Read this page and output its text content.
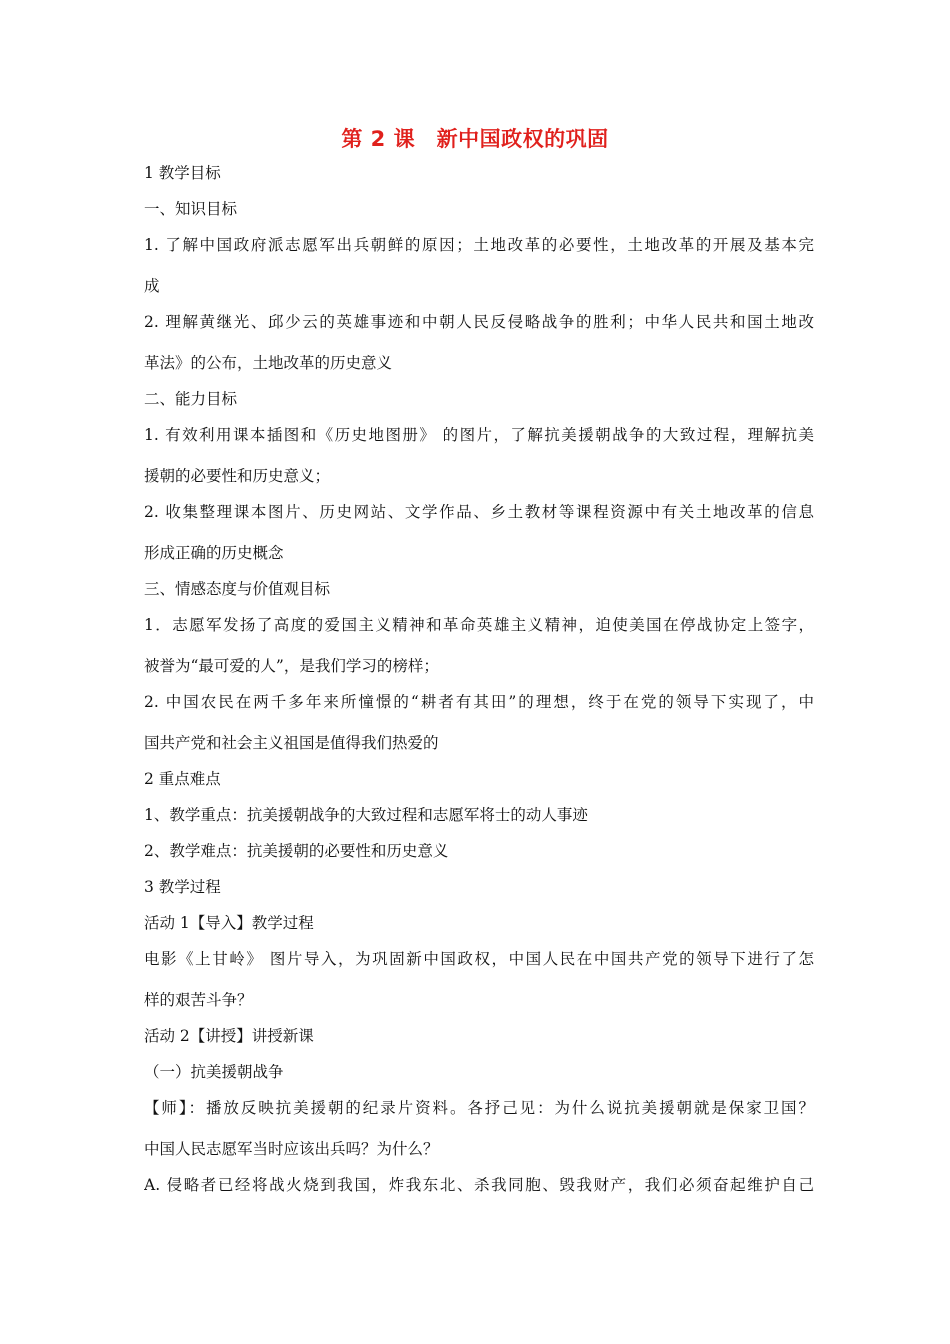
第 2 课　新中国政权的巩固
1 教学目标
一、知识目标
1. 了解中国政府派志愿军出兵朝鲜的原因；土地改革的必要性，土地改革的开展及基本完
成
2. 理解黄继光、邱少云的英雄事迹和中朝人民反侵略战争的胜利；中华人民共和国土地改
革法》的公布，土地改革的历史意义
二、能力目标
1. 有效利用课本插图和《历史地图册》 的图片，了解抗美援朝战争的大致过程，理解抗美
援朝的必要性和历史意义；
2. 收集整理课本图片、历史网站、文学作品、乡土教材等课程资源中有关土地改革的信息
形成正确的历史概念
三、情感态度与价值观目标
1．志愿军发扬了高度的爱国主义精神和革命英雄主义精神，迫使美国在停战协定上签字，
被誉为“最可爱的人”，是我们学习的榜样；
2. 中国农民在两千多年来所憧憬的“耕者有其田”的理想，终于在党的领导下实现了，中
国共产党和社会主义祖国是值得我们热爱的
2 重点难点
1、教学重点：抗美援朝战争的大致过程和志愿军将士的动人事迹
2、教学难点：抗美援朝的必要性和历史意义
3 教学过程
活动 1【导入】教学过程
电影《上甘岭》 图片导入，为巩固新中国政权，中国人民在中国共产党的领导下进行了怎
样的艰苦斗争？
活动 2【讲授】讲授新课
（一）抗美援朝战争
【师】：播放反映抗美援朝的纪录片资料。各抒己见：为什么说抗美援朝就是保家卫国？
中国人民志愿军当时应该出兵吗？为什么？
A. 侵略者已经将战火烧到我国，炸我东北、杀我同胞、毁我财产，我们必须奋起维护自己
